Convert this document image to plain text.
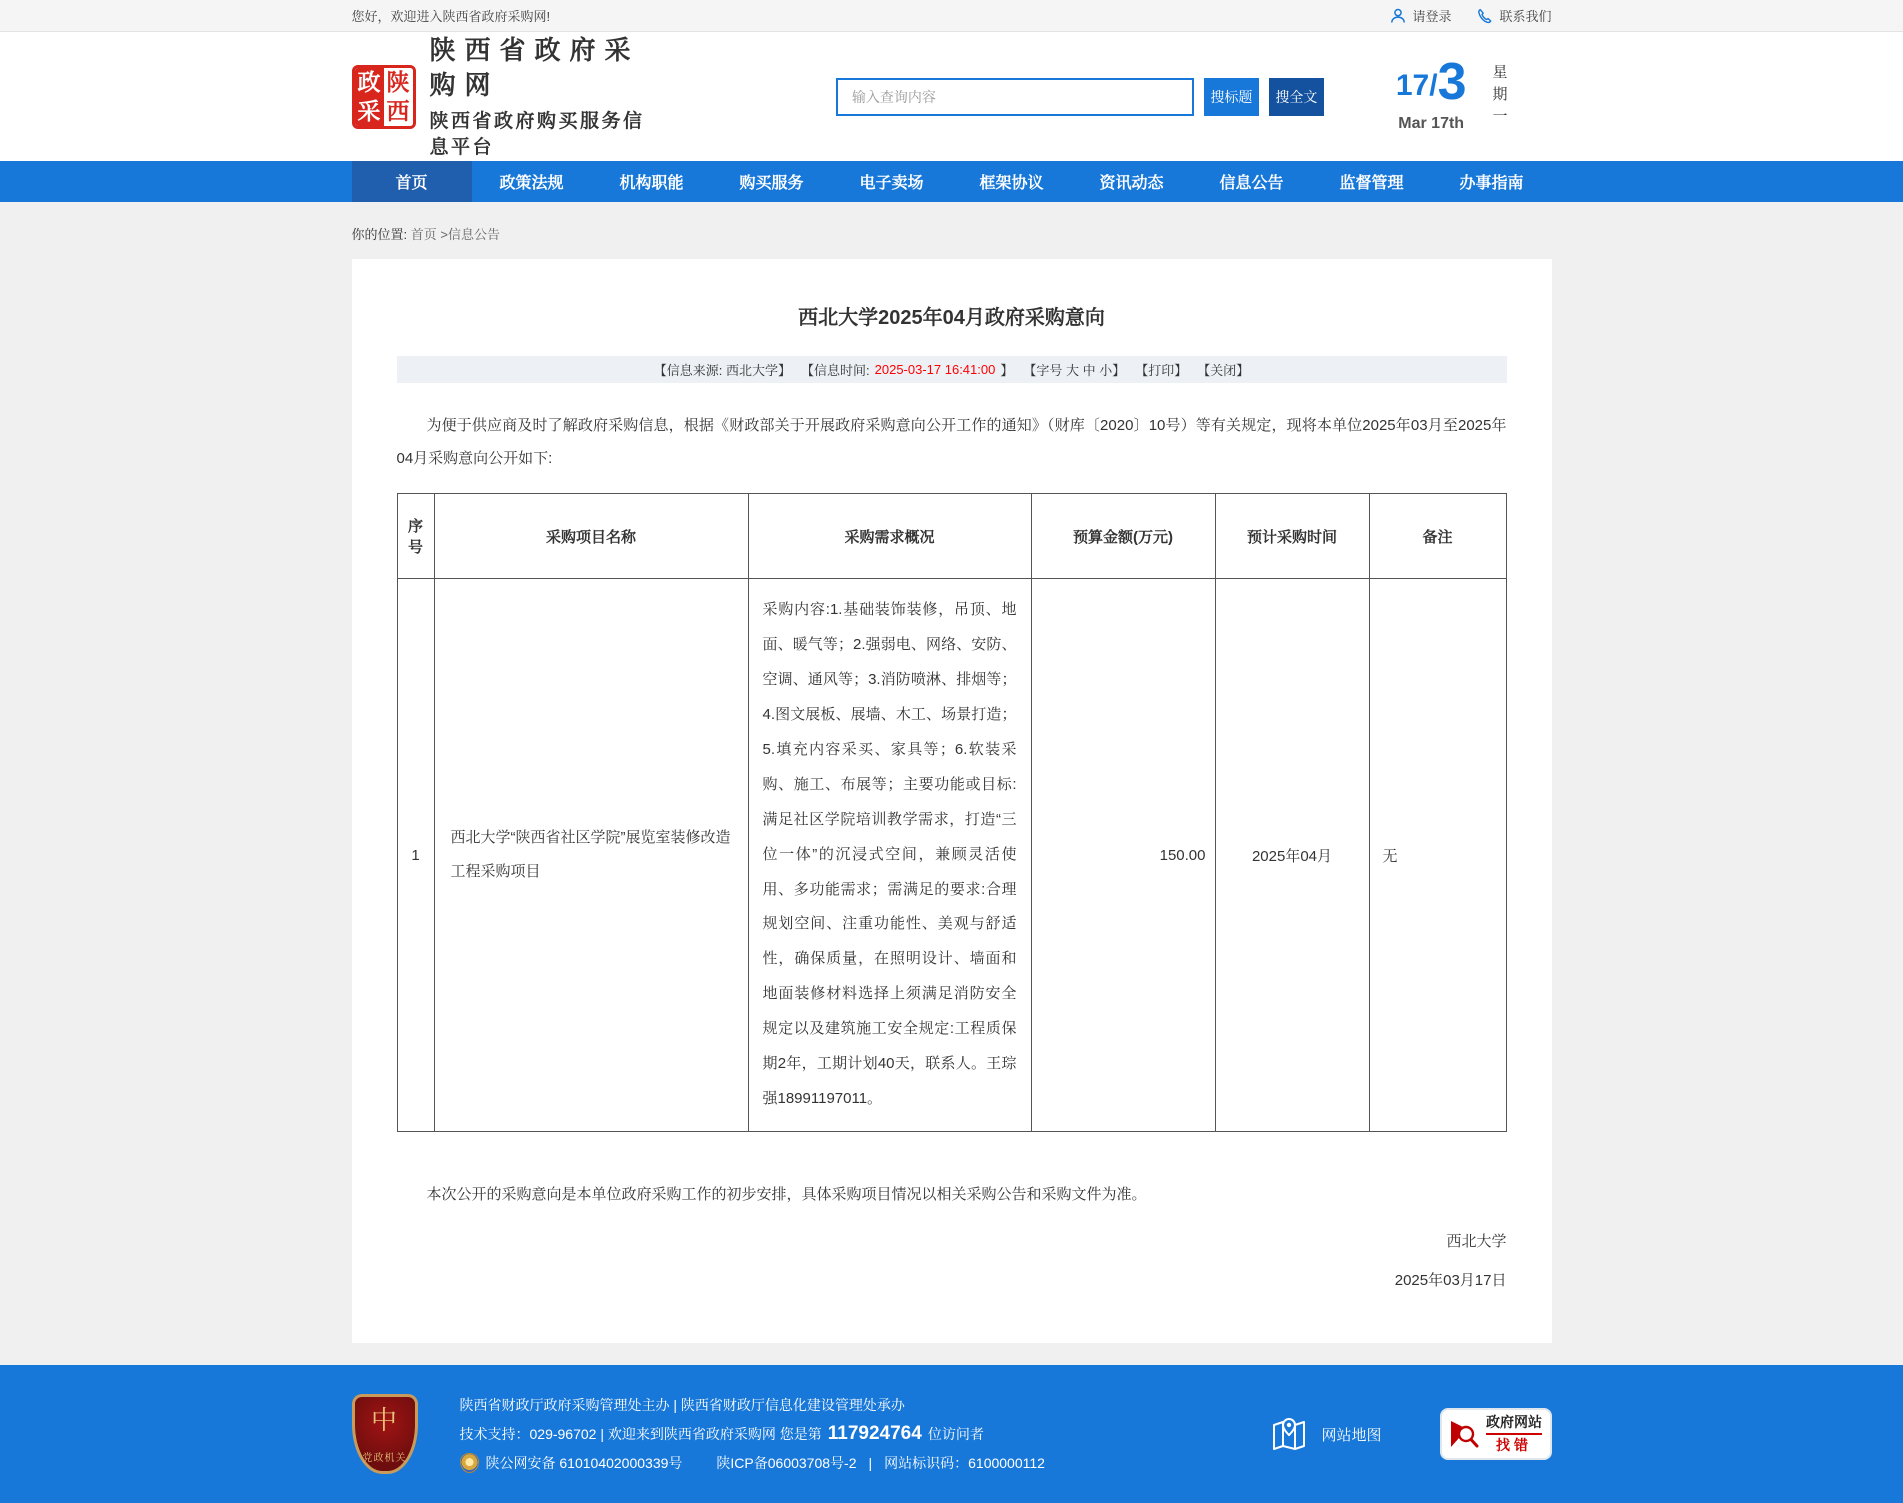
您好，欢迎进入陕西省政府采购网!	请登录	联系我们
政 陕
采 西
陕西省政府采购网
陕西省政府购买服务信息平台
输入查询内容
搜标题	搜全文	17/ 3
Mar 17th 星期一
首页	政策法规	机构职能	购买服务	电子卖场	框架协议	资讯动态	信息公告	监督管理	办事指南
你的位置: 首页 >信息公告
西北大学2025年04月政府采购意向
【信息来源: 西北大学】 【信息时间: 2025-03-17 16:41:00 】 【字号 大 中 小】 【打印】 【关闭】

为便于供应商及时了解政府采购信息，根据《财政部关于开展政府采购意向公开工作的通知》（财库〔2020〕10号）等有关规定，现将本单位2025年03月至2025年04月采购意向公开如下:

序号	采购项目名称	采购需求概况	预算金额(万元)	预计采购时间	备注
1	西北大学“陕西省社区学院”展览室装修改造工程采购项目	采购内容:1.基础装饰装修，吊顶、地面、暖气等；2.强弱电、网络、安防、空调、通风等；3.消防喷淋、排烟等；4.图文展板、展墙、木工、场景打造；5.填充内容采买、家具等；6.软装采购、施工、布展等；主要功能或目标:满足社区学院培训教学需求，打造“三位一体”的沉浸式空间，兼顾灵活使用、多功能需求；需满足的要求:合理规划空间、注重功能性、美观与舒适性，确保质量，在照明设计、墙面和地面装修材料选择上须满足消防安全规定以及建筑施工安全规定:工程质保期2年，工期计划40天，联系人。王琮强18991197011。	150.00	2025年04月	无

本次公开的采购意向是本单位政府采购工作的初步安排，具体采购项目情况以相关采购公告和采购文件为准。

西北大学
2025年03月17日
中
党政机关
陕西省财政厅政府采购管理处主办 | 陕西省财政厅信息化建设管理处承办
技术支持：029-96702 | 欢迎来到陕西省政府采购网 您是第 117924764 位访问者
陕公网安备 61010402000339号 陕ICP备06003708号-2 | 网站标识码：6100000112
网站地图
政府网站
找错
